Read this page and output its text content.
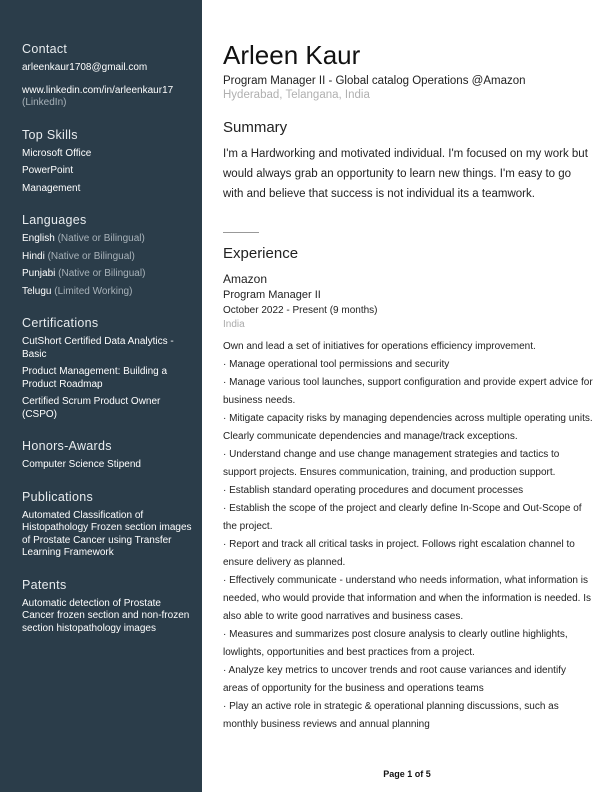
Contact
arleenkaur1708@gmail.com
www.linkedin.com/in/arleenkaur17
(LinkedIn)
Top Skills
Microsoft Office
PowerPoint
Management
Languages
English (Native or Bilingual)
Hindi (Native or Bilingual)
Punjabi (Native or Bilingual)
Telugu (Limited Working)
Certifications
CutShort Certified Data Analytics - Basic
Product Management: Building a Product Roadmap
Certified Scrum Product Owner (CSPO)
Honors-Awards
Computer Science Stipend
Publications
Automated Classification of Histopathology Frozen section images of Prostate Cancer using Transfer Learning Framework
Patents
Automatic detection of Prostate Cancer frozen section and non-frozen section histopathology images
Arleen Kaur
Program Manager II - Global catalog Operations @Amazon
Hyderabad, Telangana, India
Summary
I'm a Hardworking and motivated individual. I'm focused on my work but would always grab an opportunity to learn new things. I'm easy to go with and believe that success is not individual its a teamwork.
Experience
Amazon
Program Manager II
October 2022 - Present (9 months)
India

Own and lead a set of initiatives for operations efficiency improvement.

· Manage operational tool permissions and security

· Manage various tool launches, support configuration and provide expert advice for business needs.

· Mitigate capacity risks by managing dependencies across multiple operating units. Clearly communicate dependencies and manage/track exceptions.

· Understand change and use change management strategies and tactics to support projects. Ensures communication, training, and production support.

· Establish standard operating procedures and document processes

· Establish the scope of the project and clearly define In-Scope and Out-Scope of the project.

· Report and track all critical tasks in project. Follows right escalation channel to ensure delivery as planned.

· Effectively communicate - understand who needs information, what information is needed, who would provide that information and when the information is needed. Is also able to write good narratives and business cases.

· Measures and summarizes post closure analysis to clearly outline highlights, lowlights, opportunities and best practices from a project.

· Analyze key metrics to uncover trends and root cause variances and identify areas of opportunity for the business and operations teams

· Play an active role in strategic & operational planning discussions, such as monthly business reviews and annual planning

Page 1 of 5
